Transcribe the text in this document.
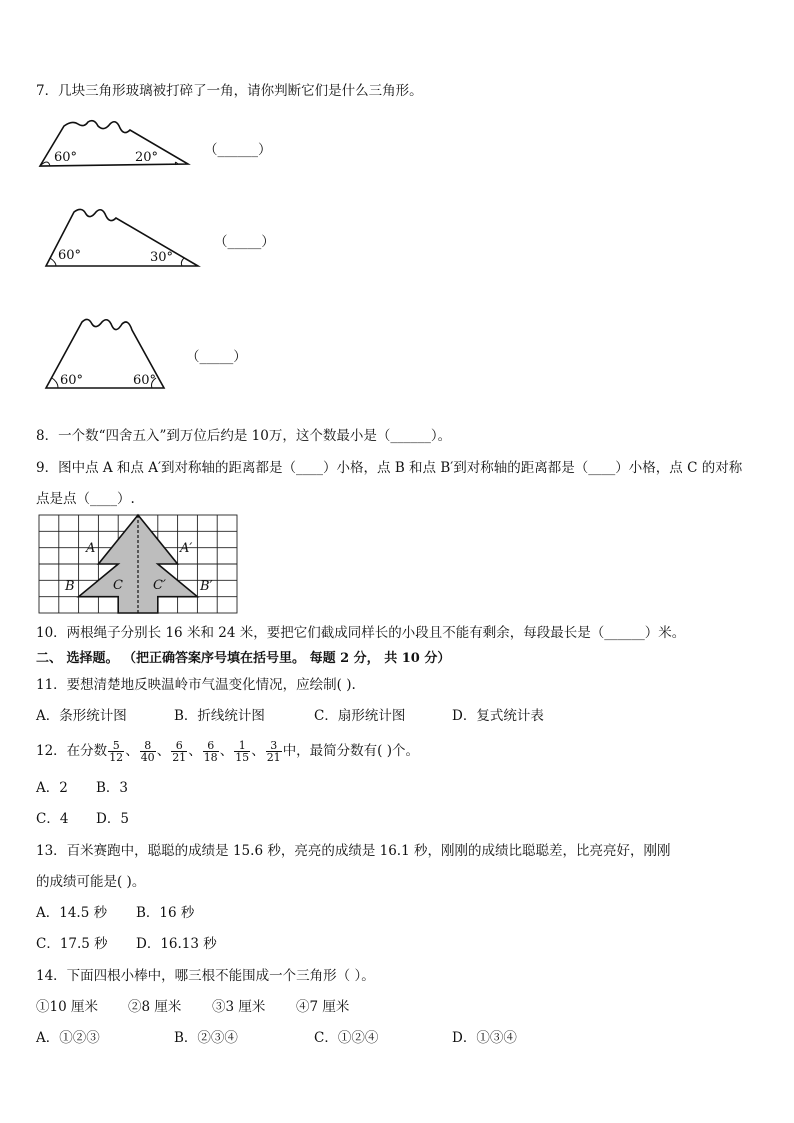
7．几块三角形玻璃被打碎了一角，请你判断它们是什么三角形。
60°	20°	（______）
60°	30°
（_____）
60°	60°
（_____）
8．一个数“四舍五入”到万位后约是 10万，这个数最小是（______）。
9．图中点 A 和点 A′到对称轴的距离都是（____）小格，点 B 和点 B′到对称轴的距离都是（____）小格，点 C 的对称
点是点（____）.
A	A′
B	B′
C C′
10．两根绳子分别长 16 米和 24 米，要把它们截成同样长的小段且不能有剩余，每段最长是（______）米。
二、 选择题。 （把正确答案序号填在括号里。 每题 2 分， 共 10 分）
11．要想清楚地反映温岭市气温变化情况，应绘制( ).
A．条形统计图	B．折线统计图	C．扇形统计图	D．复式统计表
12．在分数 $\frac{5}{12}$ 、 $\frac{8}{40}$ 、 $\frac{6}{21}$ 、 $\frac{6}{18}$ 、 $\frac{1}{15}$ 、 $\frac{3}{21}$ 中，最简分数有( )个。
A．2 B．3
C．4 D．5
13．百米赛跑中，聪聪的成绩是 15.6 秒，亮亮的成绩是 16.1 秒，刚刚的成绩比聪聪差，比亮亮好，刚刚
的成绩可能是( )。
A．14.5 秒 B．16 秒
C．17.5 秒 D．16.13 秒
14．下面四根小棒中，哪三根不能围成一个三角形（ ）。
①10 厘米 ②8 厘米 ③3 厘米 ④7 厘米
A．①②③	B．②③④	C．①②④	D．①③④
